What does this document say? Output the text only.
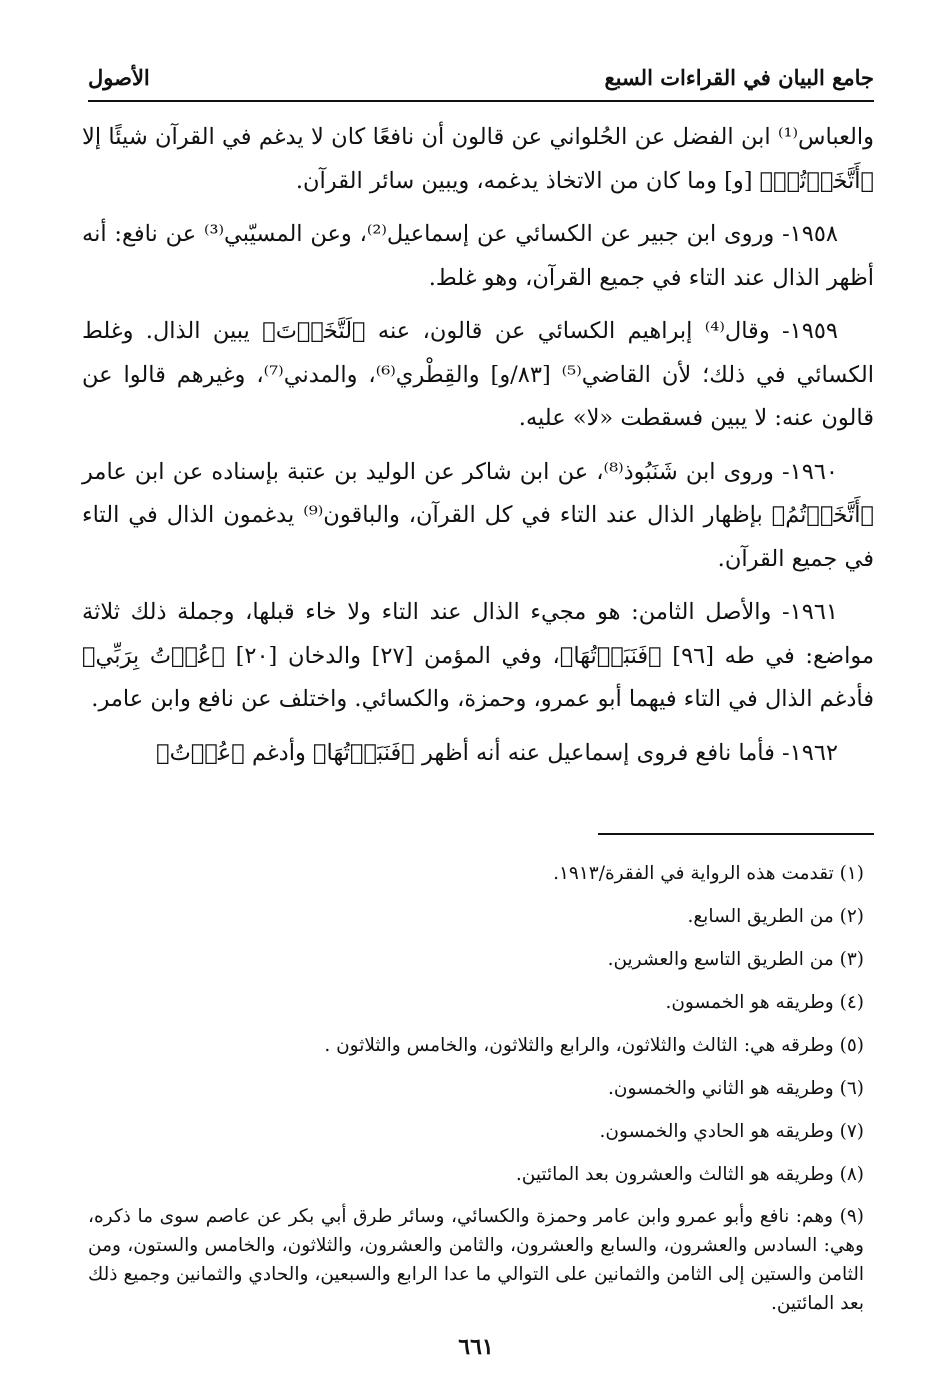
جامع البيان في القراءات السبع
الأصول

والعباس⁽¹⁾ ابن الفضل عن الحُلواني عن قالون أن نافعًا كان لا يدغم في القرآن شيئًا إلا ﴿أَتَّخَذۡتُمۡ﴾ [و] وما كان من الاتخاذ يدغمه، ويبين سائر القرآن.

١٩٥٨- وروى ابن جبير عن الكسائي عن إسماعيل⁽²⁾، وعن المسيّبي⁽³⁾ عن نافع: أنه أظهر الذال عند التاء في جميع القرآن، وهو غلط.

١٩٥٩- وقال⁽⁴⁾ إبراهيم الكسائي عن قالون، عنه ﴿لَتَّخَذۡتَ﴾ يبين الذال. وغلط الكسائي في ذلك؛ لأن القاضي⁽⁵⁾ [٨٣/و] والقِطْري⁽⁶⁾، والمدني⁽⁷⁾، وغيرهم قالوا عن قالون عنه: لا يبين فسقطت «لا» عليه.

١٩٦٠- وروى ابن شَنَبُوذ⁽⁸⁾، عن ابن شاكر عن الوليد بن عتبة بإسناده عن ابن عامر ﴿أَتَّخَذۡتُمُ﴾ بإظهار الذال عند التاء في كل القرآن، والباقون⁽⁹⁾ يدغمون الذال في التاء في جميع القرآن.

١٩٦١- والأصل الثامن: هو مجيء الذال عند التاء ولا خاء قبلها، وجملة ذلك ثلاثة مواضع: في طه [٩٦] ﴿فَنَبَذۡتُهَا﴾، وفي المؤمن [٢٧] والدخان [٢٠] ﴿عُذۡتُ بِرَبِّي﴾ فأدغم الذال في التاء فيهما أبو عمرو، وحمزة، والكسائي. واختلف عن نافع وابن عامر.

١٩٦٢- فأما نافع فروى إسماعيل عنه أنه أظهر ﴿فَنَبَذۡتُهَا﴾ وأدغم ﴿عُذۡتُ﴾

(١) تقدمت هذه الرواية في الفقرة/١٩١٣.

(٢) من الطريق السابع.

(٣) من الطريق التاسع والعشرين.

(٤) وطريقه هو الخمسون.

(٥) وطرقه هي: الثالث والثلاثون، والرابع والثلاثون، والخامس والثلاثون .

(٦) وطريقه هو الثاني والخمسون.

(٧) وطريقه هو الحادي والخمسون.

(٨) وطريقه هو الثالث والعشرون بعد المائتين.

(٩) وهم: نافع وأبو عمرو وابن عامر وحمزة والكسائي، وسائر طرق أبي بكر عن عاصم سوى ما ذكره، وهي: السادس والعشرون، والسابع والعشرون، والثامن والعشرون، والثلاثون، والخامس والستون، ومن الثامن والستين إلى الثامن والثمانين على التوالي ما عدا الرابع والسبعين، والحادي والثمانين وجميع ذلك بعد المائتين.

٦٦١
